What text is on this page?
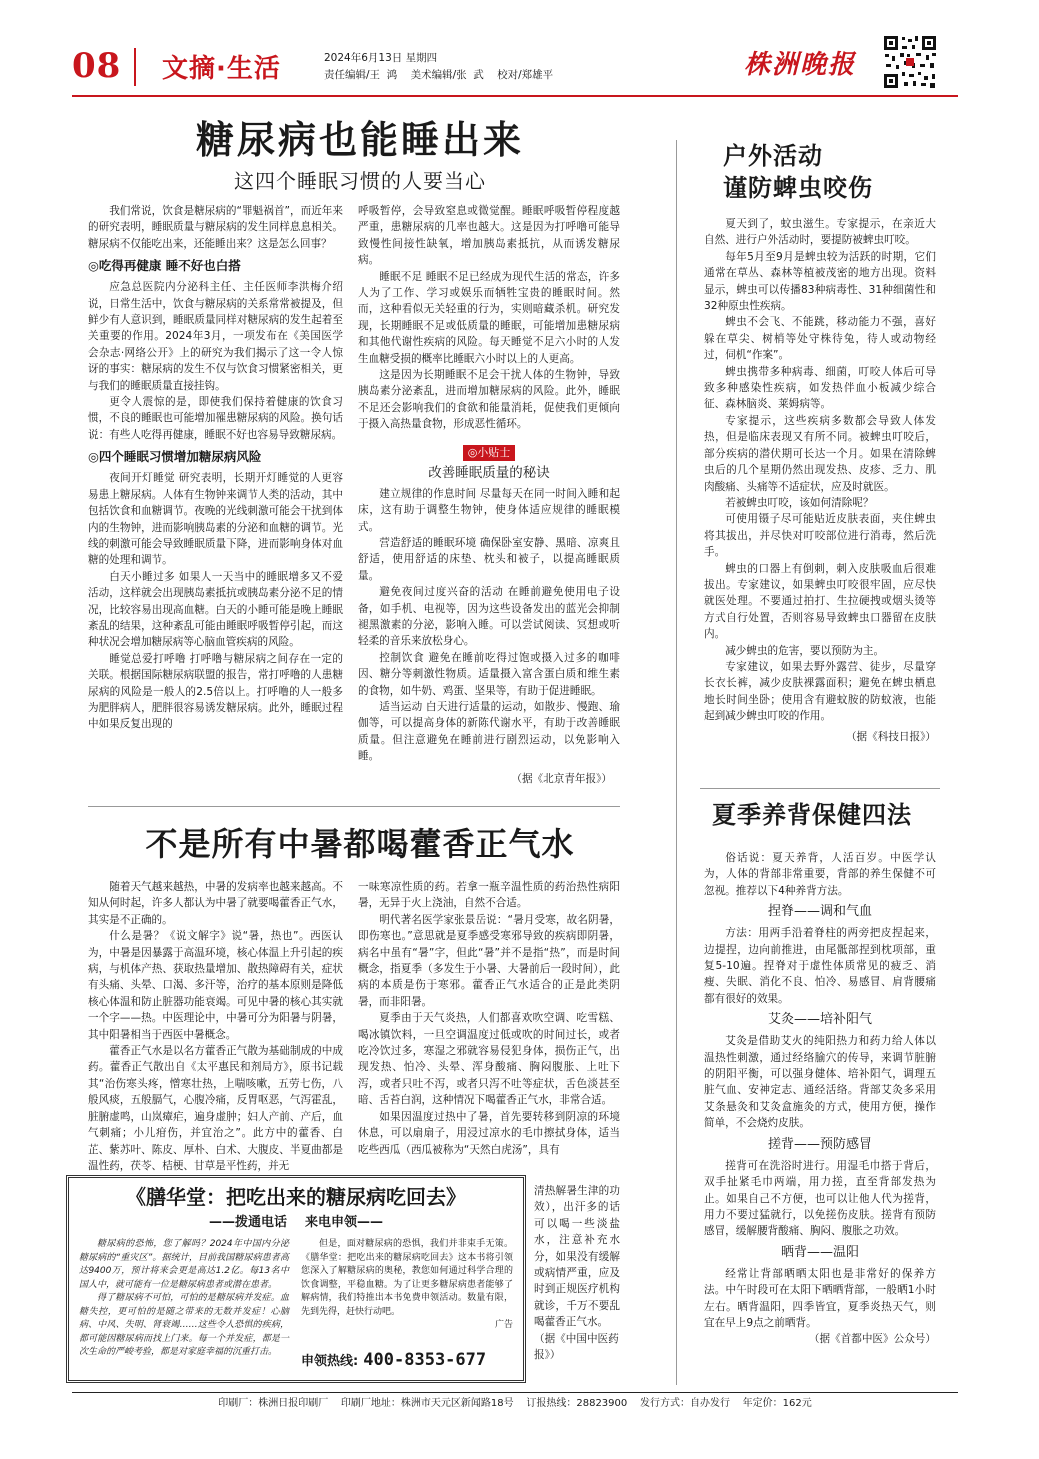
08 文摘·生活	2024年6月13日 星期四
责任编辑/王  鸿    美术编辑/张  武    校对/郑雄平	株洲晚报
糖尿病也能睡出来
这四个睡眠习惯的人要当心

我们常说，饮食是糖尿病的“罪魁祸首”，而近年来的研究表明，睡眠质量与糖尿病的发生同样息息相关。糖尿病不仅能吃出来，还能睡出来？这是怎么回事？

◎吃得再健康 睡不好也白搭

应急总医院内分泌科主任、主任医师李洪梅介绍说，日常生活中，饮食与糖尿病的关系常常被提及，但鲜少有人意识到，睡眠质量同样对糖尿病的发生起着至关重要的作用。2024年3月，一项发布在《美国医学会杂志·网络公开》上的研究为我们揭示了这一令人惊讶的事实：糖尿病的发生不仅与饮食习惯紧密相关，更与我们的睡眠质量直接挂钩。

更令人震惊的是，即使我们保持着健康的饮食习惯，不良的睡眠也可能增加罹患糖尿病的风险。换句话说：有些人吃得再健康，睡眠不好也容易导致糖尿病。

◎四个睡眠习惯增加糖尿病风险

夜间开灯睡觉 研究表明，长期开灯睡觉的人更容易患上糖尿病。人体有生物钟来调节人类的活动，其中包括饮食和血糖调节。夜晚的光线刺激可能会干扰到体内的生物钟，进而影响胰岛素的分泌和血糖的调节。光线的刺激可能会导致睡眠质量下降，进而影响身体对血糖的处理和调节。

白天小睡过多 如果人一天当中的睡眠增多又不爱活动，这样就会出现胰岛素抵抗或胰岛素分泌不足的情况，比较容易出现高血糖。白天的小睡可能是晚上睡眠紊乱的结果，这种紊乱可能由睡眠呼吸暂停引起，而这种状况会增加糖尿病等心脑血管疾病的风险。

睡觉总爱打呼噜 打呼噜与糖尿病之间存在一定的关联。根据国际糖尿病联盟的报告，常打呼噜的人患糖尿病的风险是一般人的2.5倍以上。打呼噜的人一般多为肥胖病人，肥胖很容易诱发糖尿病。此外，睡眠过程中如果反复出现的

呼吸暂停，会导致窒息或微觉醒。睡眠呼吸暂停程度越严重，患糖尿病的几率也越大。这是因为打呼噜可能导致慢性间接性缺氧，增加胰岛素抵抗，从而诱发糖尿病。

睡眠不足 睡眠不足已经成为现代生活的常态，许多人为了工作、学习或娱乐而牺牲宝贵的睡眠时间。然而，这种看似无关轻重的行为，实则暗藏杀机。研究发现，长期睡眠不足或低质量的睡眠，可能增加患糖尿病和其他代谢性疾病的风险。每天睡觉不足六小时的人发生血糖受损的概率比睡眠六小时以上的人更高。

这是因为长期睡眠不足会干扰人体的生物钟，导致胰岛素分泌紊乱，进而增加糖尿病的风险。此外，睡眠不足还会影响我们的食欲和能量消耗，促使我们更倾向于摄入高热量食物，形成恶性循环。

◎小贴士
改善睡眠质量的秘诀

建立规律的作息时间 尽量每天在同一时间入睡和起床，这有助于调整生物钟，使身体适应规律的睡眠模式。

营造舒适的睡眠环境 确保卧室安静、黑暗、凉爽且舒适，使用舒适的床垫、枕头和被子，以提高睡眠质量。

避免夜间过度兴奋的活动 在睡前避免使用电子设备，如手机、电视等，因为这些设备发出的蓝光会抑制褪黑激素的分泌，影响入睡。可以尝试阅读、冥想或听轻柔的音乐来放松身心。

控制饮食 避免在睡前吃得过饱或摄入过多的咖啡因、糖分等刺激性物质。适量摄入富含蛋白质和维生素的食物，如牛奶、鸡蛋、坚果等，有助于促进睡眠。

适当运动 白天进行适量的运动，如散步、慢跑、瑜伽等，可以提高身体的新陈代谢水平，有助于改善睡眠质量。但注意避免在睡前进行剧烈运动，以免影响入睡。

（据《北京青年报》）
户外活动
谨防蜱虫咬伤

夏天到了，蚊虫滋生。专家提示，在亲近大自然、进行户外活动时，要提防被蜱虫叮咬。

每年5月至9月是蜱虫较为活跃的时期，它们通常在草丛、森林等植被茂密的地方出现。资料显示，蜱虫可以传播83种病毒性、31种细菌性和32种原虫性疾病。

蜱虫不会飞、不能跳，移动能力不强，喜好躲在草尖、树梢等处守株待兔，待人或动物经过，伺机“作案”。

蜱虫携带多种病毒、细菌，叮咬人体后可导致多种感染性疾病，如发热伴血小板减少综合征、森林脑炎、莱姆病等。

专家提示，这些疾病多数都会导致人体发热，但是临床表现又有所不同。被蜱虫叮咬后，部分疾病的潜伏期可长达一个月。如果在清除蜱虫后的几个星期仍然出现发热、皮疹、乏力、肌肉酸痛、头痛等不适症状，应及时就医。

若被蜱虫叮咬，该如何清除呢？

可使用镊子尽可能贴近皮肤表面，夹住蜱虫将其拔出，并尽快对叮咬部位进行消毒，然后洗手。

蜱虫的口器上有倒刺，刺入皮肤吸血后很难拔出。专家建议，如果蜱虫叮咬很牢固，应尽快就医处理。不要通过拍打、生拉硬拽或烟头烫等方式自行处置，否则容易导致蜱虫口器留在皮肤内。

减少蜱虫的危害，要以预防为主。

专家建议，如果去野外露营、徒步，尽量穿长衣长裤，减少皮肤裸露面积；避免在蜱虫栖息地长时间坐卧；使用含有避蚊胺的防蚊液，也能起到减少蜱虫叮咬的作用。

（据《科技日报》）
夏季养背保健四法

俗话说：夏天养背，人活百岁。中医学认为，人体的背部非常重要，背部的养生保健不可忽视。推荐以下4种养背方法。

捏脊——调和气血

方法：用两手沿着脊柱的两旁把皮捏起来，边提捏，边向前推进，由尾骶部捏到枕项部，重复5-10遍。捏脊对于虚性体质常见的疲乏、消瘦、失眠、消化不良、怕冷、易感冒、肩背腰痛都有很好的效果。

艾灸——培补阳气

艾灸是借助艾火的纯阳热力和药力给人体以温热性刺激，通过经络腧穴的传导，来调节脏腑的阴阳平衡，可以强身健体、培补阳气，调理五脏气血、安神定志、通经活络。背部艾灸多采用艾条悬灸和艾灸盒施灸的方式，使用方便，操作简单，不会烧灼皮肤。

搓背——预防感冒

搓背可在洗浴时进行。用湿毛巾搭于背后，双手扯紧毛巾两端，用力搓，直至背部发热为止。如果自己不方便，也可以让他人代为搓背，用力不要过猛就行，以免搓伤皮肤。搓背有预防感冒，缓解腰背酸痛、胸闷、腹胀之功效。

晒背——温阳

经常让背部晒晒太阳也是非常好的保养方法。中午时段可在太阳下晒晒背部，一般晒1小时左右。晒背温阳，四季皆宜，夏季炎热天气，则宜在早上9点之前晒背。

（据《首都中医》公众号）
不是所有中暑都喝藿香正气水

随着天气越来越热，中暑的发病率也越来越高。不知从何时起，许多人都认为中暑了就要喝藿香正气水，其实是不正确的。

什么是暑？《说文解字》说“暑，热也”。西医认为，中暑是因暴露于高温环境，核心体温上升引起的疾病，与机体产热、获取热量增加、散热障碍有关，症状有头痛、头晕、口渴、多汗等，治疗的基本原则是降低核心体温和防止脏器功能衰竭。可见中暑的核心其实就一个字——热。中医理论中，中暑可分为阳暑与阴暑，其中阳暑相当于西医中暑概念。

藿香正气水是以名方藿香正气散为基础制成的中成药。藿香正气散出自《太平惠民和剂局方》，原书记载其“治伤寒头疼，憎寒壮热，上喘咳嗽，五劳七伤，八般风痰，五般膈气，心腹冷痛，反胃呕恶，气泻霍乱，脏腑虚鸣，山岚瘴疟，遍身虚肿；妇人产前、产后，血气刺痛；小儿疳伤，并宜治之”。此方中的藿香、白芷、紫苏叶、陈皮、厚朴、白术、大腹皮、半夏曲都是温性药，茯苓、桔梗、甘草是平性药，并无

一味寒凉性质的药。若拿一瓶辛温性质的药治热性病阳暑，无异于火上浇油，自然不合适。

明代著名医学家张景岳说：“暑月受寒，故名阴暑，即伤寒也。”意思就是夏季感受寒邪导致的疾病即阴暑，病名中虽有“暑”字，但此“暑”并不是指“热”，而是时间概念，指夏季（多发生于小暑、大暑前后一段时间），此病的本质是伤于寒邪。藿香正气水适合的正是此类阴暑，而非阳暑。

夏季由于天气炎热，人们都喜欢吹空调、吃雪糕、喝冰镇饮料，一旦空调温度过低或吹的时间过长，或者吃冷饮过多，寒湿之邪就容易侵犯身体，损伤正气，出现发热、怕冷、头晕、浑身酸痛、胸闷腹胀、上吐下泻，或者只吐不泻，或者只泻不吐等症状，舌色淡甚至暗、舌苔白润，这种情况下喝藿香正气水，非常合适。

如果因温度过热中了暑，首先要转移到阴凉的环境休息，可以扇扇子，用浸过凉水的毛巾擦拭身体，适当吃些西瓜（西瓜被称为“天然白虎汤”，具有

清热解暑生津的功效），出汗多的话可以喝一些淡盐水，注意补充水分，如果没有缓解或病情严重，应及时到正规医疗机构就诊，千万不要乱喝藿香正气水。

（据《中国中医药报》）
《膳华堂：把吃出来的糖尿病吃回去》
——拨通电话    来电申领——

糖尿病的恐怖，您了解吗？2024年中国内分泌糖尿病的“重灾区”。据统计，目前我国糖尿病患者高达9400万，预计将来会更是高达1.2亿。每13名中国人中，就可能有一位是糖尿病患者或潜在患者。

得了糖尿病不可怕，可怕的是糖尿病并发症。血糖失控，更可怕的是随之带来的无数并发症！心脑病、中风、失明、肾衰竭……这些令人恐惧的疾病，都可能因糖尿病而找上门来。每一个并发症，都是一次生命的严峻考验，都是对家庭幸福的沉重打击。

但是，面对糖尿病的恐惧，我们并非束手无策。《膳华堂：把吃出来的糖尿病吃回去》这本书将引领您深入了解糖尿病的奥秘，教您如何通过科学合理的饮食调整，平稳血糖。为了让更多糖尿病患者能够了解病情，我们特推出本书免费申领活动。数量有限，先到先得，赶快行动吧。

广告
申领热线: 400-8353-677
印刷厂：株洲日报印刷厂    印刷厂地址：株洲市天元区新闻路18号    订报热线：28823900    发行方式：自办发行    年定价：162元
